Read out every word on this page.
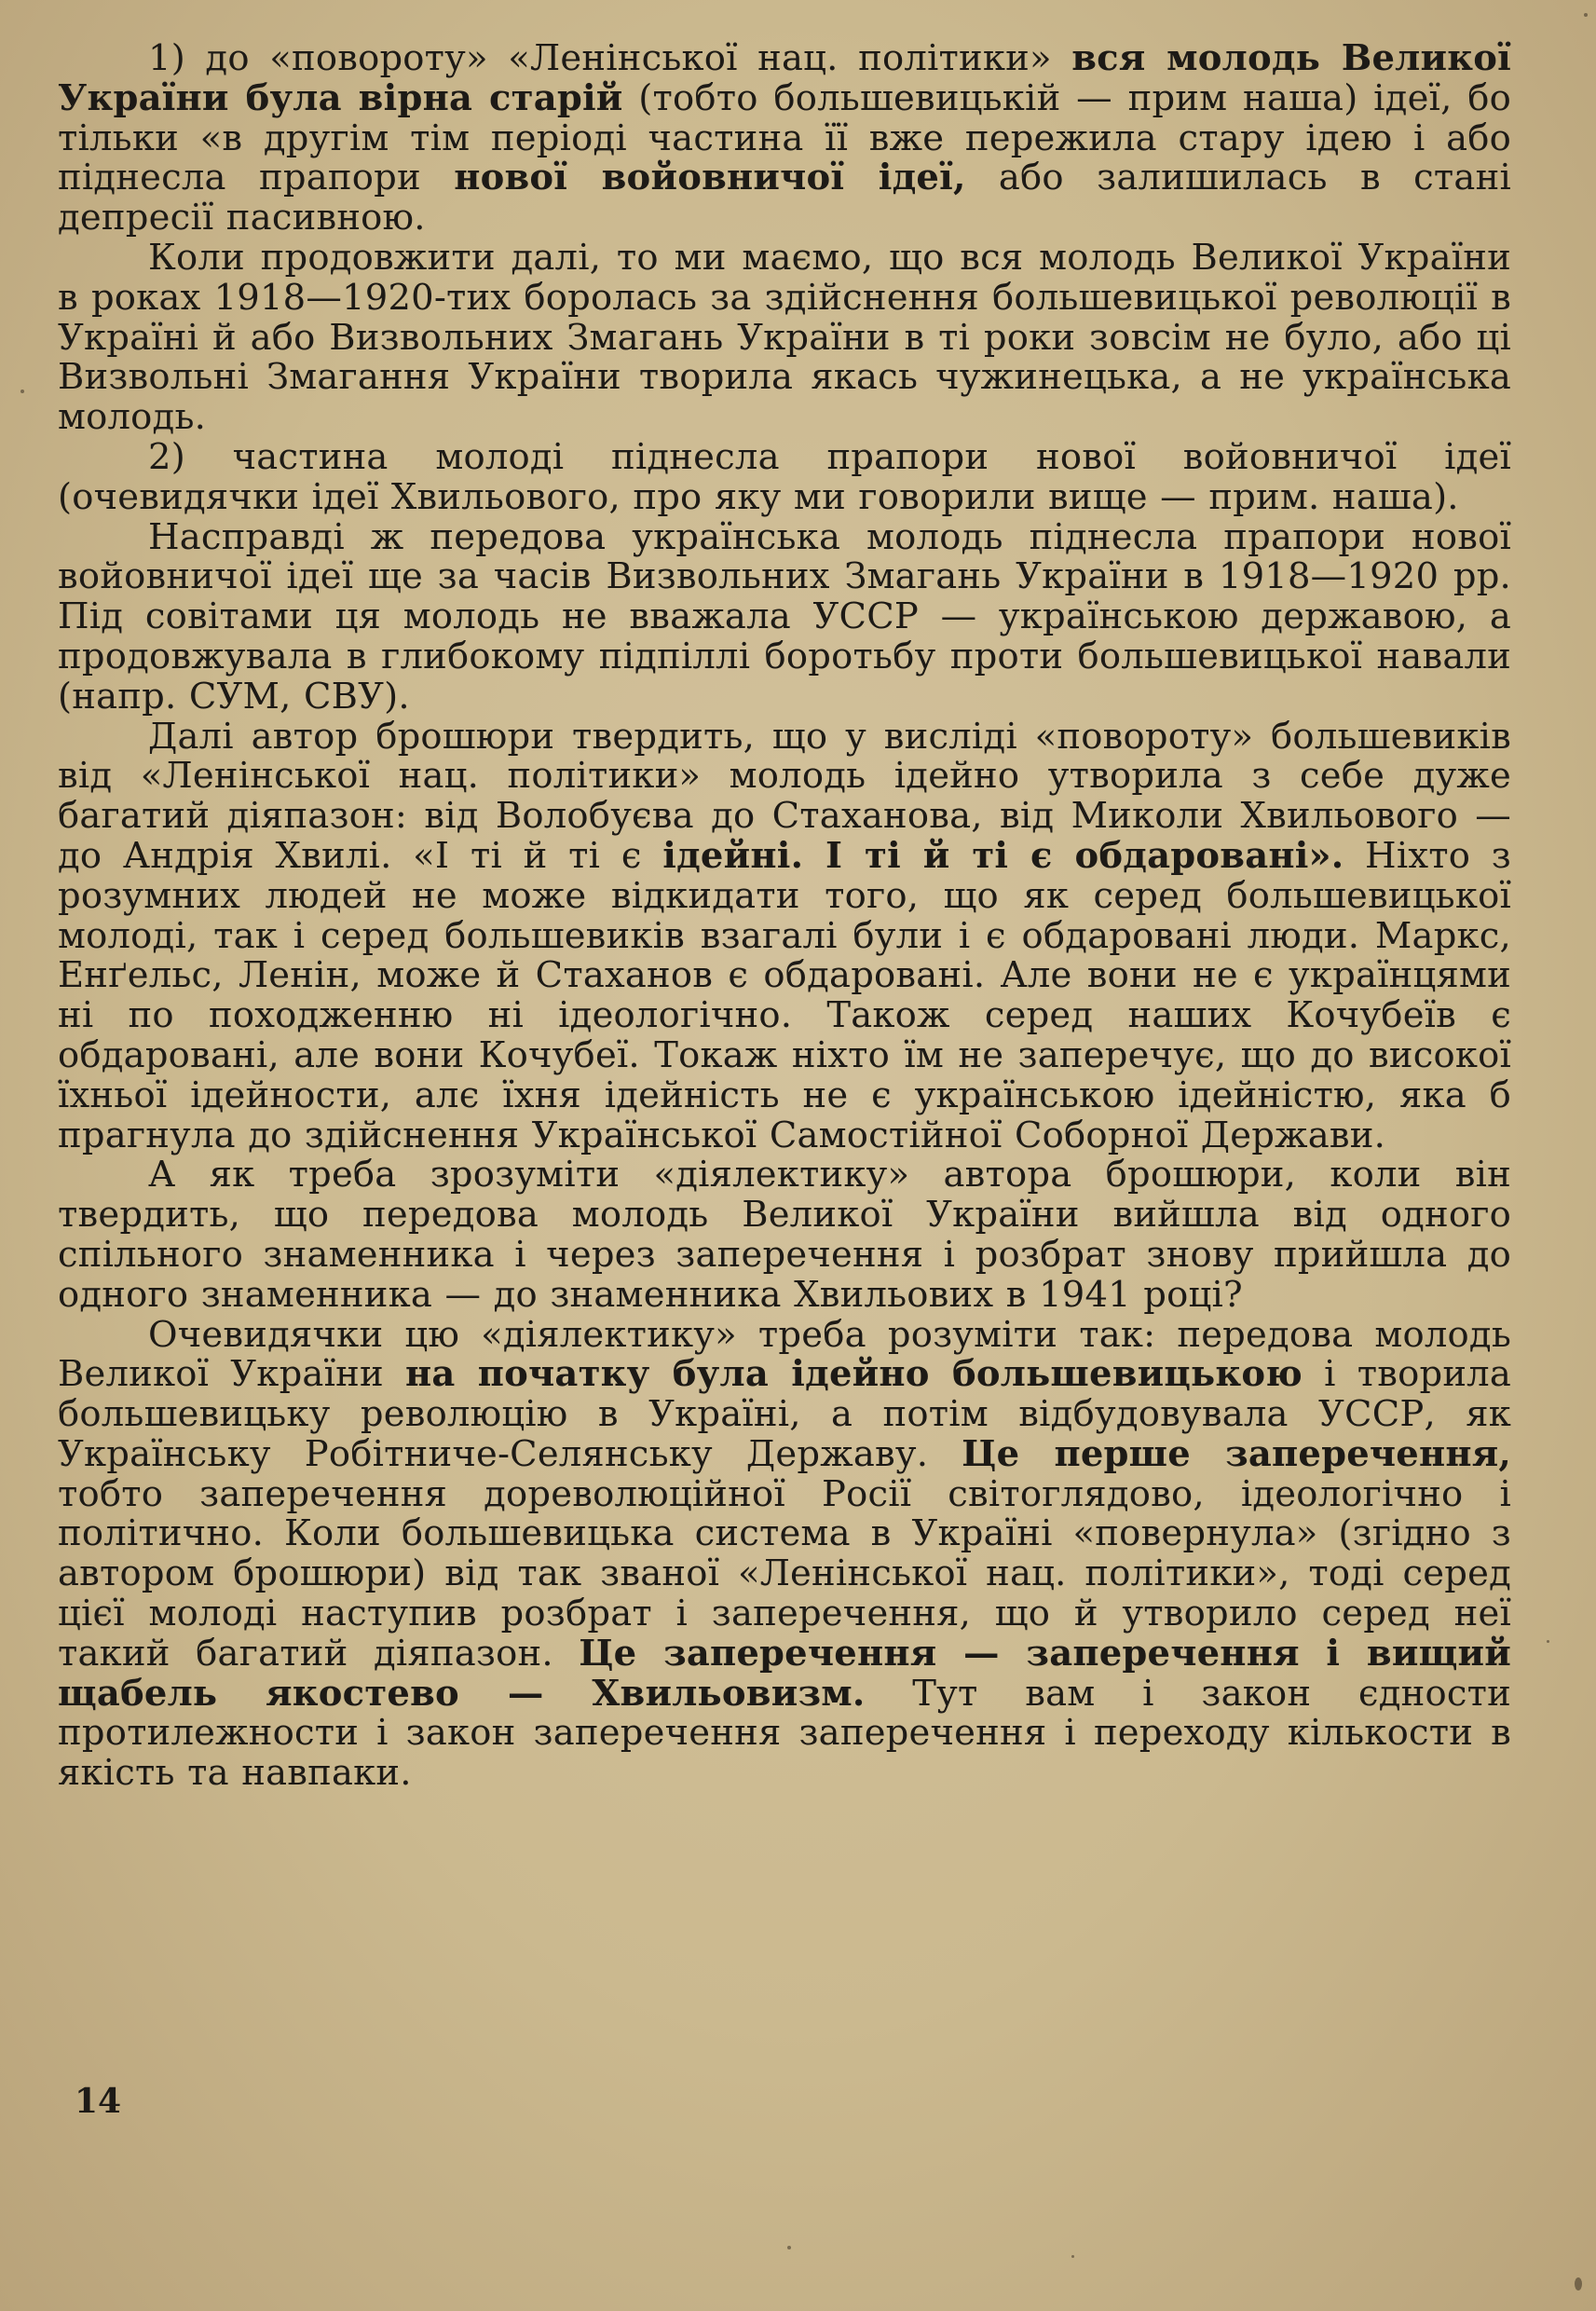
1) до «повороту» «Ленінської нац. політики» вся молодь Великої України була вірна старій (тобто большевицькій — прим наша) ідеї, бо тільки «в другім тім періоді частина її вже пережила стару ідею і або піднесла прапори нової войовничої ідеї, або залишилась в стані депресії пасивною.

Коли продовжити далі, то ми маємо, що вся молодь Великої України в роках 1918—1920-тих боролась за здійснення большевицької революції в Україні й або Визвольних Змагань України в ті роки зовсім не було, або ці Визвольні Змагання України творила якась чужинецька, а не українська молодь.

2) частина молоді піднесла прапори нової войовничої ідеї (очевидячки ідеї Хвильового, про яку ми говорили вище — прим. наша).

Насправді ж передова українська молодь піднесла прапори нової войовничої ідеї ще за часів Визвольних Змагань України в 1918—1920 рр. Під совітами ця молодь не вважала УССР — українською державою, а продовжувала в глибокому підпіллі боротьбу проти большевицької навали (напр. СУМ, СВУ).

Далі автор брошюри твердить, що у висліді «повороту» большевиків від «Ленінської нац. політики» молодь ідейно утворила з себе дуже багатий діяпазон: від Волобуєва до Стаханова, від Миколи Хвильового — до Андрія Хвилі. «І ті й ті є ідейні. І ті й ті є обдаровані». Ніхто з розумних людей не може відкидати того, що як серед большевицької молоді, так і серед большевиків взагалі були і є обдаровані люди. Маркс, Енґельс, Ленін, може й Стаханов є обдаровані. Але вони не є українцями ні по походженню ні ідеологічно. Також серед наших Кочубеїв є обдаровані, але вони Кочубеї. Токаж ніхто їм не заперечує, що до високої їхньої ідейности, алє їхня ідейність не є українською ідейністю, яка б прагнула до здійснення Української Самостійної Соборної Держави.

А як треба зрозуміти «діялектику» автора брошюри, коли він твердить, що передова молодь Великої України вийшла від одного спільного знаменника і через заперечення і розбрат знову прийшла до одного знаменника — до знаменника Хвильових в 1941 році?

Очевидячки цю «діялектику» треба розуміти так: передова молодь Великої України на початку була ідейно большевицькою і творила большевицьку революцію в Україні, а потім відбудовувала УССР, як Українську Робітниче-Селянську Державу. Це перше заперечення, тобто заперечення дореволюційної Росії світоглядово, ідеологічно і політично. Коли большевицька система в Україні «повернула» (згідно з автором брошюри) від так званої «Ленінської нац. політики», тоді серед цієї молоді наступив розбрат і заперечення, що й утворило серед неї такий багатий діяпазон. Це заперечення — заперечення і вищий щабель якостево — Хвильовизм. Тут вам і закон єдности протилежности і закон заперечення заперечення і переходу кількости в якість та навпаки.

14
